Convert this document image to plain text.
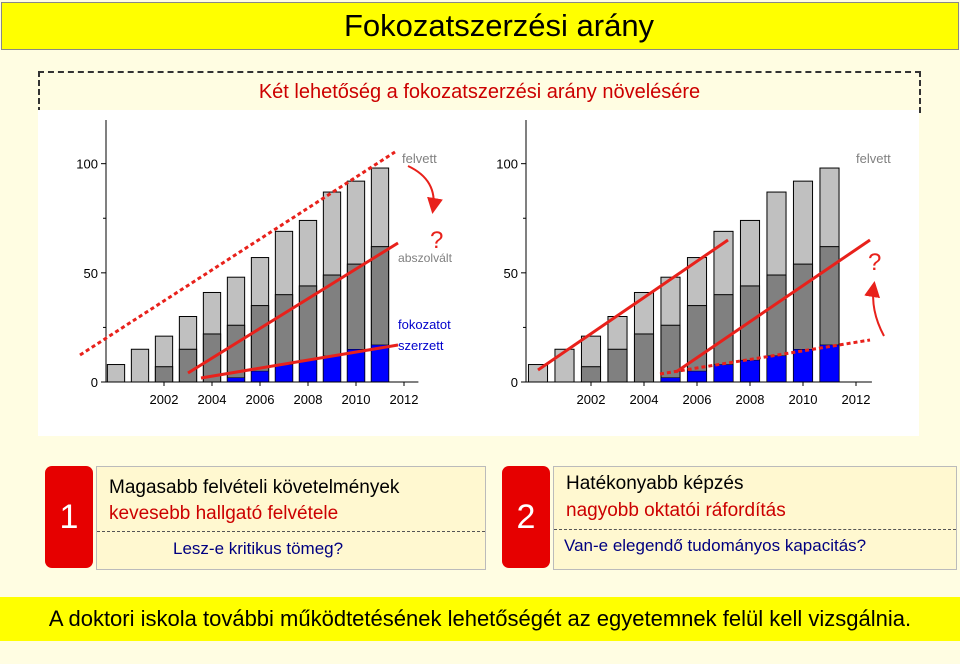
Fokozatszerzési arány
Két lehetőség a fokozatszerzési arány növelésére
0
50
100
2002 2004 2006 2008 2010 2012
felvett
?
abszolvált
fokozatot
szerzett
0
50
100
2002 2004 2006 2008 2010 2012
felvett
?
1
Magasabb felvételi követelmények
kevesebb hallgató felvétele
Lesz-e kritikus tömeg?
2
Hatékonyabb képzés
nagyobb oktatói ráfordítás
Van-e elegendő tudományos kapacitás?
A doktori iskola további működtetésének lehetőségét az egyetemnek felül kell vizsgálnia.
